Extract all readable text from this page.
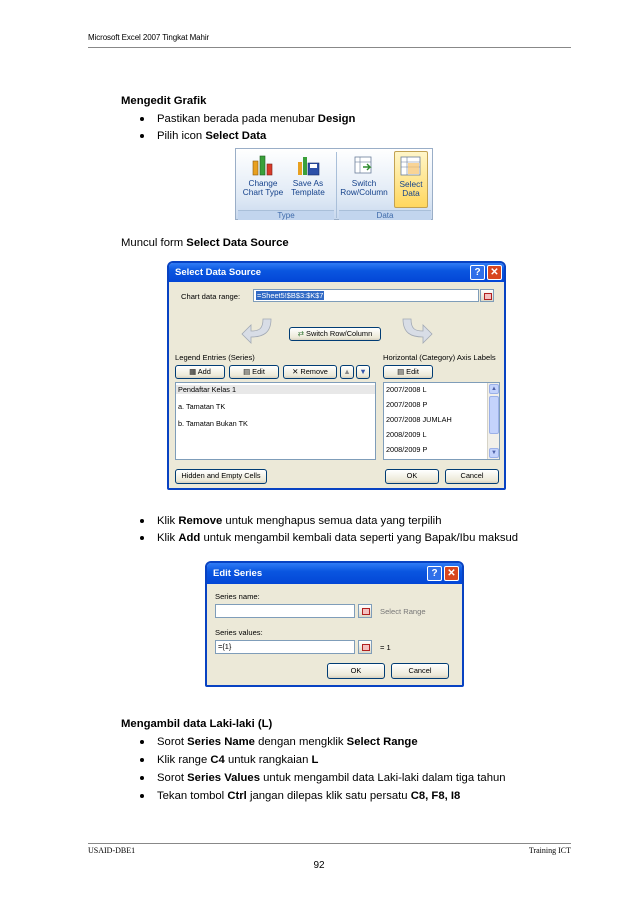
Microsoft Excel 2007 Tingkat Mahir
Mengedit Grafik
Pastikan berada pada menubar Design
Pilih icon Select Data
Change
Chart Type
Save As
Template
Type
Switch
Row/Column
Select
Data
Data
Muncul form Select Data Source
Select Data Source	? ✕
Chart data range:	=Sheet5!$B$3:$K$7
⇄ Switch Row/Column
Legend Entries (Series)	Horizontal (Category) Axis Labels
▦ Add	▤ Edit	✕ Remove	▲	▼	▤ Edit
Pendaftar Kelas 1
a. Tamatan TK
b. Tamatan Bukan TK
2007/2008 L
2007/2008 P
2007/2008 JUMLAH
2008/2009 L
2008/2009 P
▲
▼
Hidden and Empty Cells	OK	Cancel
Klik Remove untuk menghapus semua data yang terpilih
Klik Add untuk mengambil kembali data seperti yang Bapak/Ibu maksud
Edit Series	? ✕
Series name:
Select Range
Series values:
={1}	= 1
OK	Cancel
Mengambil data Laki-laki (L)
Sorot Series Name dengan mengklik Select Range
Klik range C4 untuk rangkaian L
Sorot Series Values untuk mengambil data Laki-laki dalam tiga tahun
Tekan tombol Ctrl jangan dilepas klik satu persatu C8, F8, I8
USAID-DBE1	Training ICT
92
